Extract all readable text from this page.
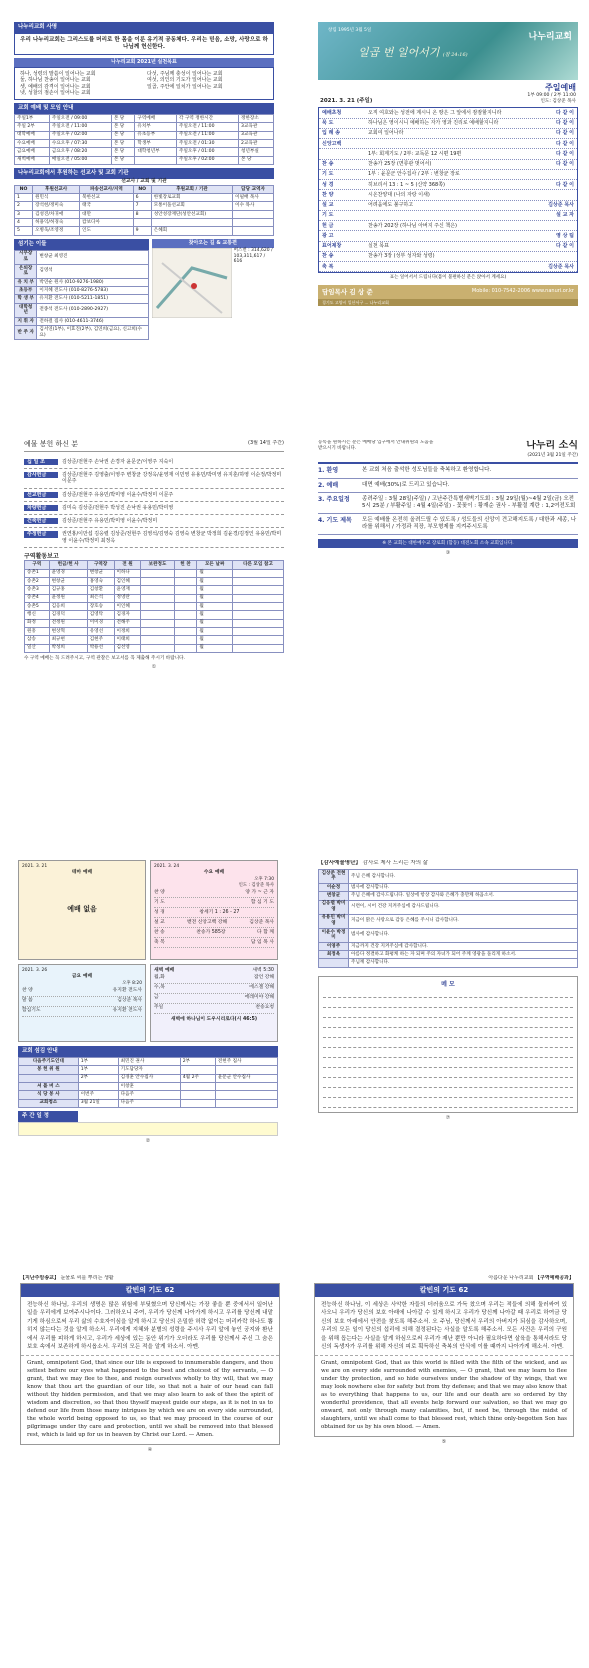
나누리교회 사명
우리 나누리교회는 그리스도를 머리로 한 몸을 이룬 유기적 공동체다. 우리는 믿음, 소망, 사랑으로 하나님께 헌신한다.
나누리교회 2021년 실천목표
하나, 성령의 말씀이 일어나는 교회
둘, 하나님 찬송이 일어나는 교회
셋, 예배의 감격이 일어나는 교회
넷, 성찰의 점손이 일어나는 교회
다섯, 주님께 충성이 일어나는 교회
여섯, 의인의 기도가 일어나는 교회
일곱, 주안에 일치가 일어나는 교회
교회 예배 및 모임 안내
주일1부	주일오전 / 09:00	본 당	구역예배	각 구역 정한시간	정한장소
주일 2부	주일오전 / 11:00	본 당	유치부	주일오전 / 11:00	3교육관
대학예배	주일오후 / 02:00	본 당	유초등부	주일오전 / 11:00	3교육관
수요예배	수요오후 / 07:30	본 당	학생부	주일오전 / 01:30	2교육관
금요예배	금요오후 / 08:20	본 당	대학청년부	주일오후 / 01:00	청년부실
새벽예배	매일오전 / 05:00	본 당		주일오후 / 02:00	본 당
나누리교회에서 후원하는 선교사 및 교회 기관
선교사 / 교회 및 기관
NO	후원선교사	파송선교사/지역	NO	후원교회 / 기관	담당 교역자
1	원민식	북한선교	6	한빛장로교회	이필배 목사
2	장석헌/정미숙	태국	7	모퉁이돌선교회	이수 목사
3	김성진/차귀애	대만	8	성안성장재단(성안선교회)	
4	허용익/허경숙	캄보디아			
5	오병욱/조영정	인도	9	은혜회	
섬기는 이들
시무장로	변창균 최영진
은퇴장로	김영석
유 치 부	박연순 원사 (010-9276-1980)
초등부	이지혜 전도사 (010-8276-5783)
학 생 부	유지환 전도사 (010-5211-1851)
대학청년	전종석 전도사 (010-2890-2927)
지 휘 자	전하걸 집사 (010-4611-3746)
반 주 자	김서연(1부), 이효진(2부), 김연희(금요), 신고희(수요)
찾아오는 길 & 교통편
버스번 : 314,620 / 103,311,617 / 616
창립 1995년 3월 5일
나누리교회
일곱 번 일어서기 (잠 24:16)
2021. 3. 21 (주일)
주일예배
1부 09:00 / 2부 11:00
인도: 김상준 목사
예배초청	오직 여호와는 성전에 계시니 온 땅은 그 앞에서 잠잠할지니라	다 같 이
묵 도	하나님은 영이시니 예배하는 자가 영과 진리로 예배할지니라	다 같 이
입 례 송	교회여 일어나라	다 같 이
신앙고백	다 같 이
1부: 회계기도 / 2부: 교독문 12 시편 19편	다 같 이
찬 송	찬송가 25장 (면류관 벗어서)	다 같 이
기 도	1부 : 윤문군 안수집사 / 2부 : 변창균 장로
성 경	히브리서 13 : 1 ~ 5 (신약 368쪽)	다 같 이
찬 양	시온찬양대 (나의 자랑 이새)
설 교	어려움에도 불구하고	김상준 목사
기 도	설 교 자
헌 금	찬송가 202장 (하나님 아버지 주신 책은)
광 고	영 상 팀
표어제창	실천 목표	다 같 이
찬 송	찬송가 3장 (성부 성자와 성령)
축 복	김상준 목사
표는 일어서서 드립니다(몸이 불편하신 분은 앉아서 계세요)
담임목사 김 상 준	Mobile: 010-7542-2006 www.nanuri.or.kr
경기도 고양시 일산서구 ... 나누리교회
예물 봉헌 하신 분	(3월 14일 주간)
십 일 조	김상준/전현주 손낙권 손경자 윤문군/이영주 지숙이
감사헌금	김상준/전현주 김영출/이영주 변창균 강정옥/윤영재 이민영 유용민/박미영 유지훈/하영 이순정/박정미 이문주
선교헌금	김상준/전현주 유용민/박미영 이윤수/박정미 이문주
차량헌금	김미숙 김상준/전현주 박성진 손낙권 유용민/박미영
건축헌금	김상준/전현주 유용민/박미영 이윤수/박정미
주정헌금	권연홍/이만섭 김응렬 김상준/전현주 김영석/김영숙 김영숙 변창균 박정희 김윤경/김정인 유용민/박미영 이윤수/박정미 최정옥
구역활동보고
구역	헌금/헌 사	구역장	전 원	보완정도	헌 찬	모든 날짜	다른 모임 참고
송촌1	윤영경	변창균	이하나			월	
송촌2	변창균	홍영숙	김인혜			월	
송촌3	김규홍	김창환	윤영재			월	
송촌4	윤정원	최은석	정영란			월	
송촌5	김응희	장호승	이인혜			월	
행신	김경덕	김영탁	김경자			월	
화정	전정원	이미경	전해주			월	
원흥	변상혁	유영선	이정희			월	
삼송	최규현	김현주	이태희			월	
일산	박성희	박용선	김선영			월	
수 구역 예배는 꼭 드려주시고, 구역 관찰은 보고서를 꼭 제출해 주시기 바랍니다.
①
등록을 원하시는 분은 예배당 입구에서 안내위원의 도움을 받으시기 바랍니다.	나누리 소식
(2021년 3월 21일 주간)
1. 환영	본 교회 처음 출석한 성도님들을 축복하고 환영합니다.
2. 예배	대면 예배(30%)로 드리고 있습니다.
3. 주요일정	종려주일 : 3월 28일(주일) / 고난주간특별새벽기도회 : 3월 29일(월)~4월 2일(금) 오전 5시 25분 / 부활주일 : 4월 4일(주일) - 꽃꽂이 : 황재순 권사 - 부활절 계란 : 1,2여전도회
4. 기도 제목	모든 예배를 온전히 올려드릴 수 있도록 / 성도들의 신앙이 견고해지도록 / 대한과 세종, 나라를 위해서 / 가정과 직장, 부모형제를 지켜주시도록
※ 본 교회는 대한예수교 장로회 (합동) 대전노회 소속 교회입니다.
③
2021. 3. 21
테마 예배
예배 없음
2021. 3. 24
수요 예배
오후 7:30
인도 : 김상준 목사
찬 양	양 가 ~ 근 자
기 도	합 심 기 도
성 경	창세기 1 : 26 - 27
설 교	벧전 신앙고백 강해	김상준 목사
찬 송	찬송가 585장	다 함 께
축 복	담 임 목 사
2021. 3. 26
금요 예배
오후 8:20
찬 양	유지환 전도사
말 씀	김상준 목사
합심기도	유지환 전도사
새벽 예배	새벽 5:30
월,화	잠언 강해
수,목	에스겔 강해
금	에레미야 강해
주일	찬송요청
새벽에 하나님이 도우시리로다(시 46:5)
교회 섬김 안내
다음주기도인대	1부	최민진 권사	2부	전현주 집사
봉 헌 위 원	1부	기도담당자		
	2부	김경훈 안수집사	4월 2주	윤문군 안수집사
셔 틀 버 스		이창훈		
식 당 봉 사	이번주	다음주		
교회청소	3월 21일	다음주		
주 간 일 정
②
【감사예물명단】 감사로 제사 드리는 자의 삶
김상준 전현주	주님 은혜 감사합니다.
이순정	범사에 감사합니다.
변창균	주님 은혜에 감사드립니다. 일상에 항상 감사와 은혜가 충만케 하옵소서.
김응렬 박미영	시련이, 시어 건강 지켜주심에 감사드립니다.
유용민 박미영	지금이 맑은 사랑으로 감동 은혜를 주시니 감사합니다.
이윤수 박정미	범사에 감사합니다.
이영주	지금까지 건강 지켜주심에 감사합니다.
최정옥	아름다 정결하고 화평케 하는 자 되며 주의 자녀가 되어 주께 영광을 돌리게 하소서.
	주님께 감사합니다.
메 모
⑦
【지난주암송교】 눈물로 씨를 뿌리는 생활
칼빈의 기도 62
전능하신 하나님, 우리의 생명은 많은 위험에 부딪혔으며 당신께서는 가장 좋을 뿐 중에서서 일어난 일을 우리에게 보여주시나이다. 그러하오니 주여, 우리가 당신께 나아가게 하시고 우리를 당신께 내맡기게 하심으로써 우리 삶의 수호자이심을 알게 하시고 당신의 은밀한 허락 없이는 머리카락 하나도 뽑히지 않는다는 것을 알게 하소서. 우리에게 지혜와 분별의 성령을 주시사 우리 앞에 놓인 궁지와 환난에서 우리를 피하게 하시고, 우리가 세상에 있는 동안 위기가 오더라도 우리를 당신께서 주신 그 숨은 보호 속에서 보존하게 하시옵소서. 우리의 모든 적을 알게 하소서. 아멘.
Grant, omnipotent God, that since our life is exposed to innumerable dangers, and thou settest before our eyes what happened to the best and choicest of thy servants, — O grant, that we may flee to thee, and resign ourselves wholly to thy will, that we may know that thou art the guardian of our life, so that not a hair of our head can fall without thy hidden permission, and that we may also learn to ask of thee the spirit of wisdom and discretion, so that thou thyself mayest guide our steps, as it is not in us to defend our life from those many intrigues by which we are on every side surrounded, the whole world being opposed to us, so that we may proceed in the course of our pilgrimage under thy care and protection, until we shall be removed into that blessed rest, which is laid up for us in heaven by Christ our Lord. — Amen.
④
아름다운 나누리교회 【구역예배공과】
칼빈의 기도 62
전능하신 하나님, 이 세상은 사악한 자들의 더러움으로 가득 찼으며 우리는 적들에 의해 둘러싸여 있사오니 우리가 당신의 보호 아래에 나아갈 수 있게 하시고 우리가 당신께 나아갈 때 우리로 하여금 당신의 보호 아래에서 안전을 찾도록 해주소서. 오 주님, 당신께서 우리의 아버지가 되심을 감사하오며, 우리의 모든 일이 당신의 섭리에 의해 결정된다는 사실을 알도록 해주소서. 모든 사건은 우리의 구원을 위해 돕는다는 사실을 알게 하심으로써 우리가 재난 뿐만 아니라 필요하다면 살육을 통해서라도 당신의 독생자가 우리를 위해 자신의 피로 획득하신 축복의 안식에 이를 때까지 나아가게 해소서. 아멘.
Grant, omnipotent God, that as this world is filled with the filth of the wicked, and as we are on every side surrounded with enemies, — O grant, that we may learn to flee under thy protection, and so hide ourselves under the shadow of thy wings, that we may look nowhere else for safety but from thy defense; and that we may also know that as to everything that happens to us, our life and our death are so ordered by thy wonderful providence, that all events help forward our salvation, so that we may go onward, not only through many calamities, but, if need be, through the midst of slaughters, until we shall come to that blessed rest, which thine only-begotten Son has obtained for us by his own blood. — Amen.
⑤
